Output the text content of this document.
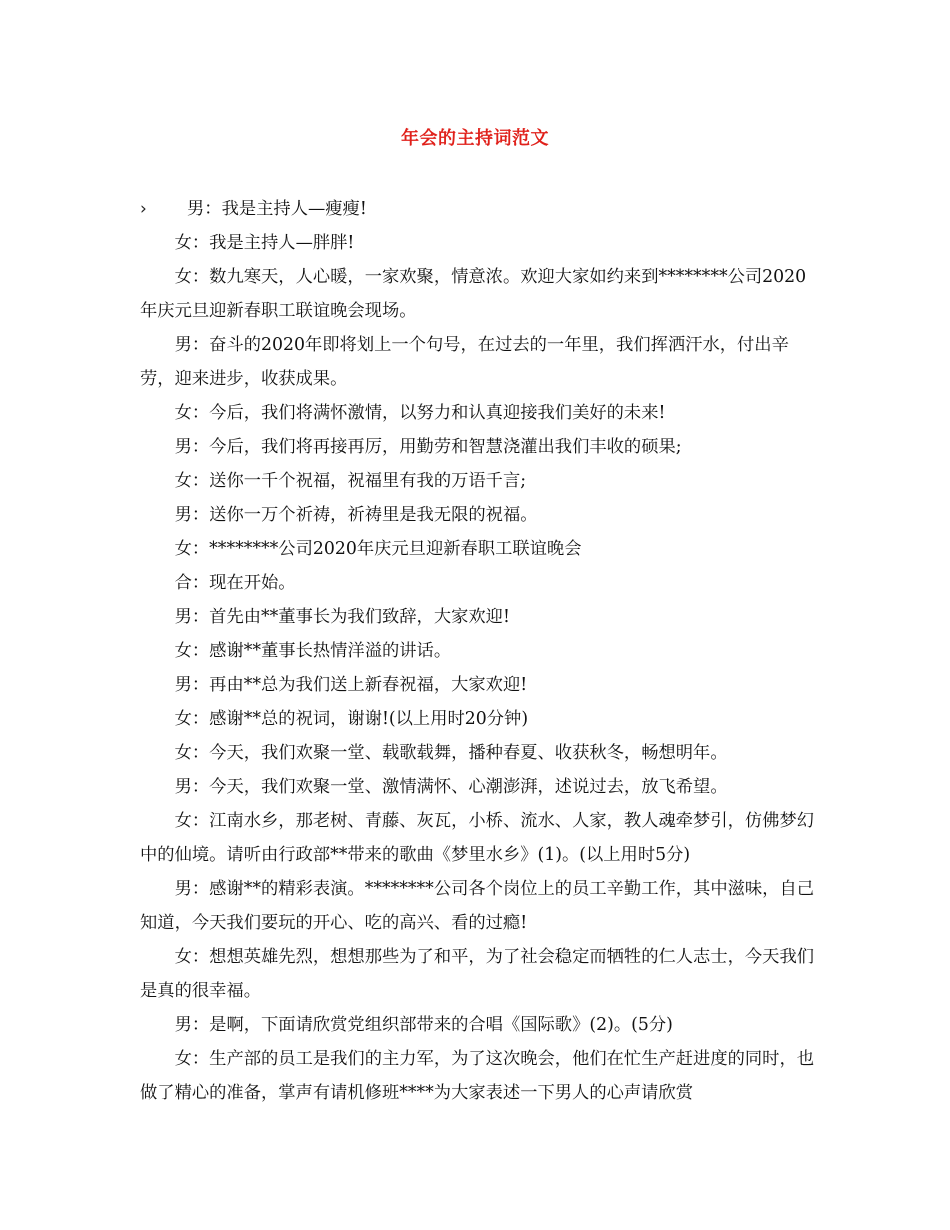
年会的主持词范文

›	男：我是主持人—瘦瘦!

女：我是主持人—胖胖!

女：数九寒天，人心暖，一家欢聚，情意浓。欢迎大家如约来到********公司2020年庆元旦迎新春职工联谊晚会现场。

男：奋斗的2020年即将划上一个句号，在过去的一年里，我们挥洒汗水，付出辛劳，迎来进步，收获成果。

女：今后，我们将满怀激情，以努力和认真迎接我们美好的未来!

男：今后，我们将再接再厉，用勤劳和智慧浇灌出我们丰收的硕果;

女：送你一千个祝福，祝福里有我的万语千言;

男：送你一万个祈祷，祈祷里是我无限的祝福。

女：********公司2020年庆元旦迎新春职工联谊晚会

合：现在开始。

男：首先由**董事长为我们致辞，大家欢迎!

女：感谢**董事长热情洋溢的讲话。

男：再由**总为我们送上新春祝福，大家欢迎!

女：感谢**总的祝词，谢谢!(以上用时20分钟)

女：今天，我们欢聚一堂、载歌载舞，播种春夏、收获秋冬，畅想明年。

男：今天，我们欢聚一堂、激情满怀、心潮澎湃，述说过去，放飞希望。

女：江南水乡，那老树、青藤、灰瓦，小桥、流水、人家，教人魂牵梦引，仿佛梦幻中的仙境。请听由行政部**带来的歌曲《梦里水乡》(1)。(以上用时5分)

男：感谢**的精彩表演。********公司各个岗位上的员工辛勤工作，其中滋味，自己知道，今天我们要玩的开心、吃的高兴、看的过瘾!

女：想想英雄先烈，想想那些为了和平，为了社会稳定而牺牲的仁人志士，今天我们是真的很幸福。

男：是啊，下面请欣赏党组织部带来的合唱《国际歌》(2)。(5分)

女：生产部的员工是我们的主力军，为了这次晚会，他们在忙生产赶进度的同时，也做了精心的准备，掌声有请机修班****为大家表述一下男人的心声请欣赏
